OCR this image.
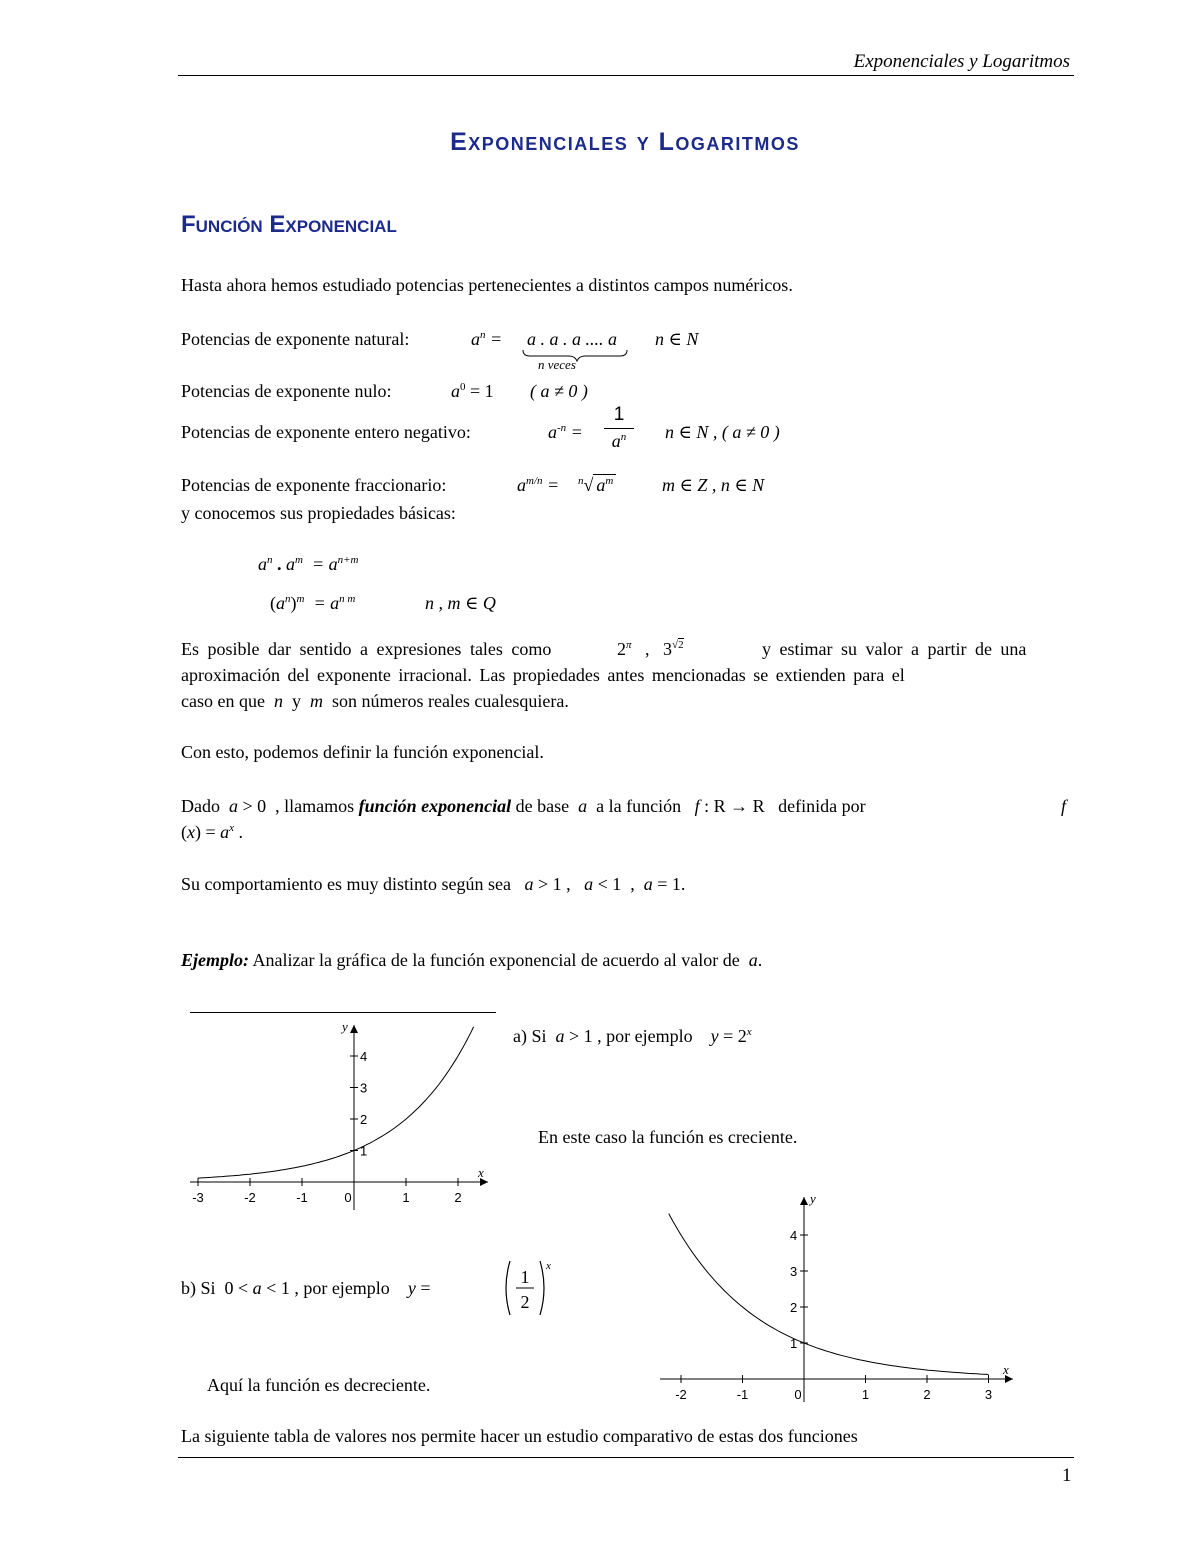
Exponenciales y Logaritmos
Exponenciales y Logaritmos
Función Exponencial
Hasta ahora hemos estudiado potencias pertenecientes a distintos campos numéricos.
Potencias de exponente natural:	$a^n = a$ . a . a .... a
n veces
n ∈ N
Potencias de exponente nulo:	$a^0 = 1$ ( a ≠ 0 )
Potencias de exponente entero negativo:	$a^{-n}$ =
1
$a^n$	n ∈ N , ( a ≠ 0 )
Potencias de exponente fraccionario:	$a^{m/n} = ^n√$ $a^m$	m ∈ Z , n ∈ N
y conocemos sus propiedades básicas:
$a^n$ . $a^m = a^{n+m}$
$(a^n)^m = a^{n m}$	n , m ∈ Q
Es posible dar sentido a expresiones tales como	$2^\pi$   ,   $3^{√2}$	y estimar su valor a partir de una
aproximación del exponente irracional. Las propiedades antes mencionadas se extienden para el
caso en que n  y  m son números reales cualesquiera.
Con esto, podemos definir la función exponencial.
Dado a > 0  , llamamos función exponencial de base a a la función f : R → R   definida por	f
$(x) = a^x$ .
Su comportamiento es muy distinto según sea a > 1 ,   a < 1  ,  a = 1.
Ejemplo: Analizar la gráfica de la función exponencial de acuerdo al valor de a.
-3	-2	-1	0	1	2
1
2
3
4
x
y	a) Si a > 1 , por ejemplo $y = 2^x$
En este caso la función es creciente.
-2	-1	0	1	2	3
1
2
3
4
x
y
b) Si  0 < a < 1 , por ejemplo y =
1
2
x
Aquí la función es decreciente.
La siguiente tabla de valores nos permite hacer un estudio comparativo de estas dos funciones
1
